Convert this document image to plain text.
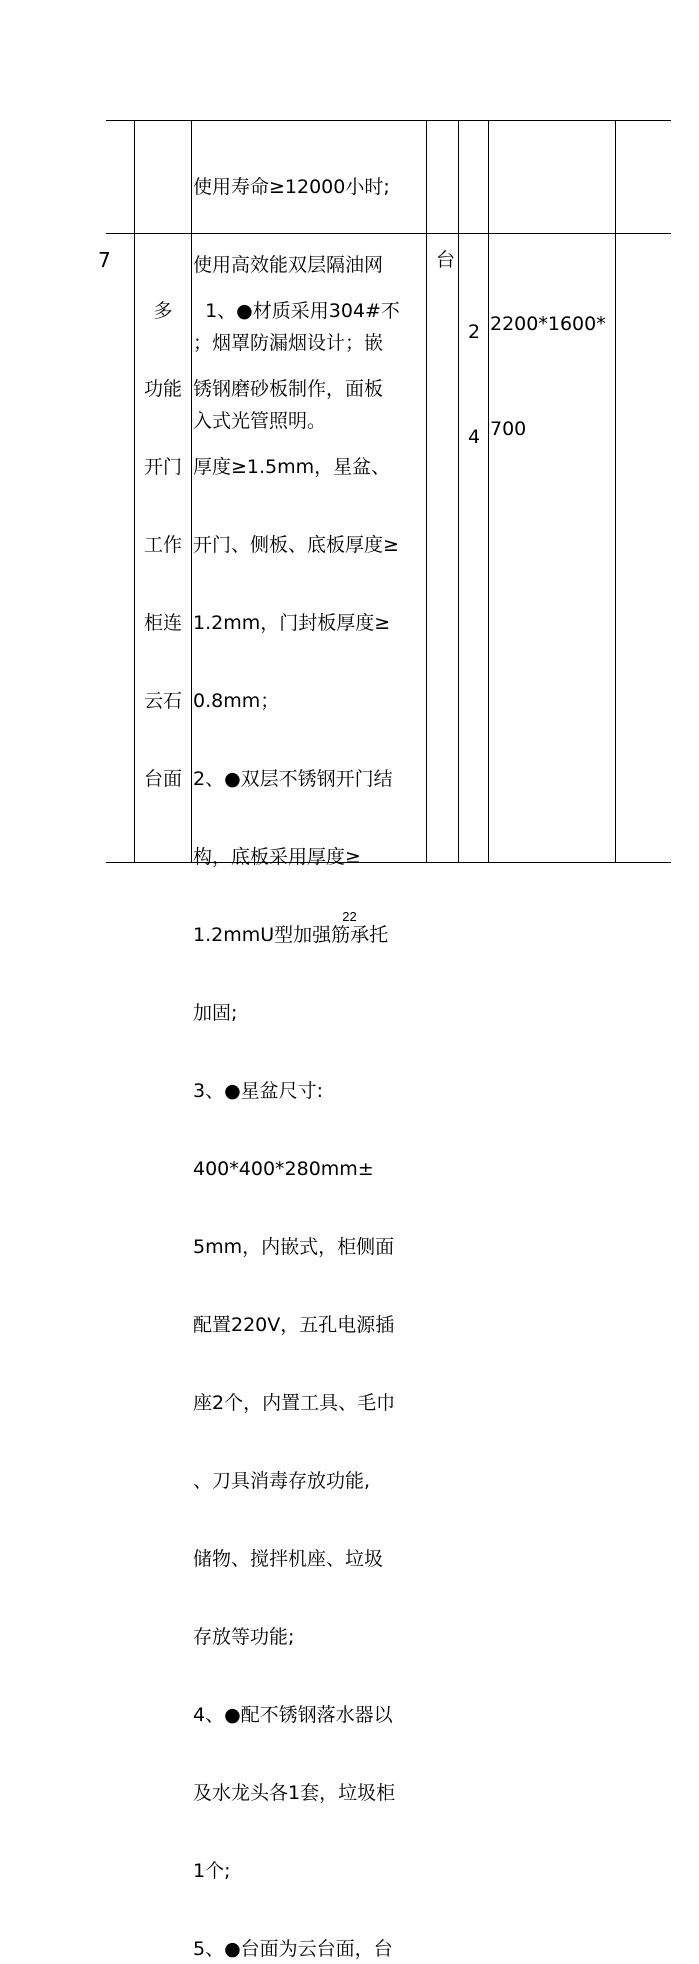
使用寿命≥12000小时;

使用高效能双层隔油网

；烟罩防漏烟设计；嵌

入式光管照明。

7

多

功能

开门

工作

柜连

云石

台面

1、●材质采用304#不

锈钢磨砂板制作，面板

厚度≥1.5mm，星盆、

开门、侧板、底板厚度≥

1.2mm，门封板厚度≥

0.8mm；

2、●双层不锈钢开门结

构，底板采用厚度≥

1.2mmU型加强筋承托

加固;

3、●星盆尺寸:

400*400*280mm±

5mm，内嵌式，柜侧面

配置220V，五孔电源插

座2个，内置工具、毛巾

、刀具消毒存放功能,

储物、搅拌机座、垃圾

存放等功能;

4、●配不锈钢落水器以

及水龙头各1套，垃圾柜

1个;

5、●台面为云台面，台

台

2

4

2200*1600*

700

22
